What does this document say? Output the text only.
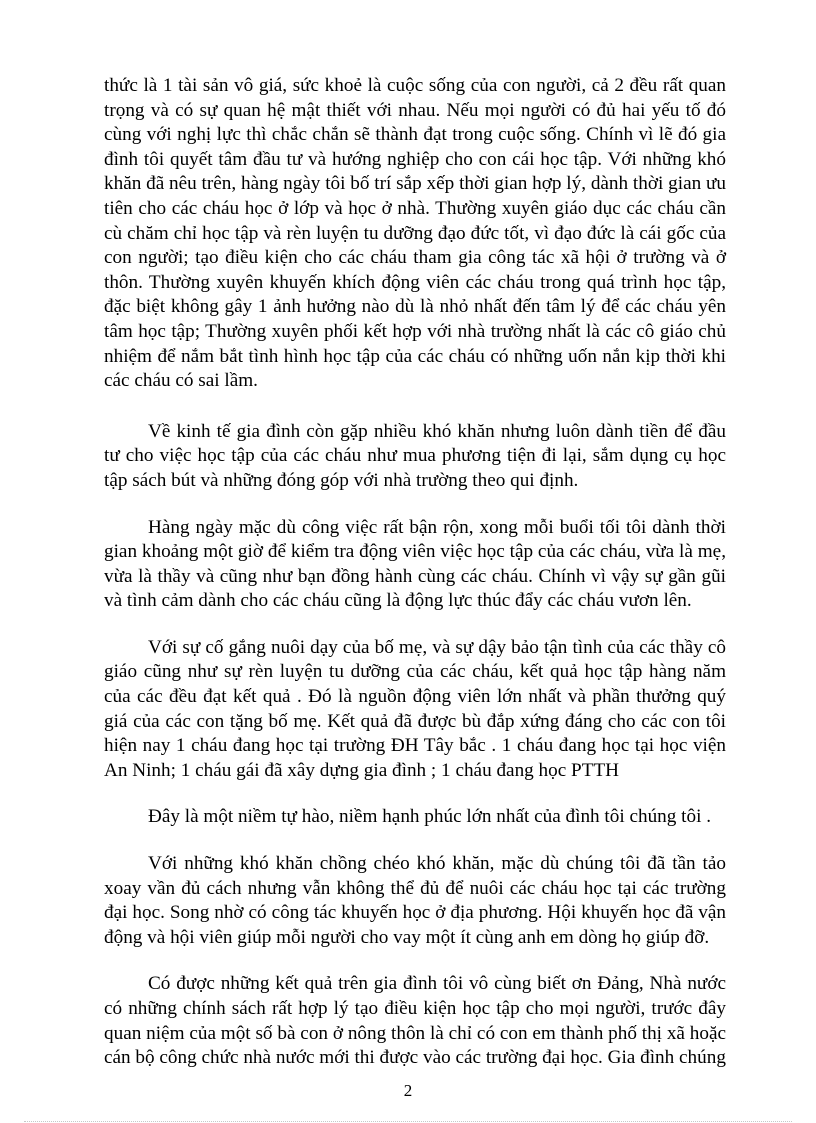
thức là 1 tài sản vô giá, sức khoẻ là cuộc sống của con người, cả 2 đều rất quan trọng và có sự quan hệ mật thiết với nhau. Nếu mọi người có đủ hai yếu tố đó cùng với nghị lực thì chắc chắn sẽ thành đạt trong cuộc sống. Chính vì lẽ đó gia đình tôi quyết tâm đầu tư và hướng nghiệp cho con cái học tập. Với những khó khăn đã nêu trên, hàng ngày tôi bố trí sắp xếp thời gian hợp lý, dành thời gian ưu tiên cho các cháu học ở lớp và học ở nhà. Thường xuyên giáo dục các cháu cần cù chăm chỉ học tập và rèn luyện tu dưỡng đạo đức tốt, vì đạo đức là cái gốc của con người; tạo điều kiện cho các cháu tham gia công tác xã hội ở trường và ở thôn. Thường xuyên khuyến khích động viên các cháu trong quá trình học tập, đặc biệt không gây 1 ảnh hưởng nào dù là nhỏ nhất đến tâm lý để các cháu yên tâm học tập; Thường xuyên phối kết hợp với nhà trường nhất là các cô giáo chủ nhiệm để nắm bắt tình hình học tập của các cháu có những uốn nắn kịp thời khi các cháu có sai lầm.

Về kinh tế gia đình còn gặp nhiều khó khăn nhưng luôn dành tiền để đầu tư cho việc học tập của các cháu như mua phương tiện đi lại, sắm dụng cụ học tập sách bút và những đóng góp với nhà trường theo qui định.

Hàng ngày mặc dù công việc rất bận rộn, xong mỗi buổi tối tôi dành thời gian khoảng một giờ để kiểm tra động viên việc học tập của các cháu, vừa là mẹ, vừa là thầy và cũng như bạn đồng hành cùng các cháu. Chính vì vậy sự gần gũi và tình cảm dành cho các cháu cũng là động lực thúc đẩy các cháu vươn lên.

Với sự cố gắng nuôi dạy của bố mẹ, và sự dậy bảo tận tình của các thầy cô giáo cũng như sự rèn luyện tu dưỡng của các cháu, kết quả học tập hàng năm của các đều đạt kết quả . Đó là nguồn động viên lớn nhất và phần thưởng quý giá của các con tặng bố mẹ. Kết quả đã được bù đắp xứng đáng cho các con tôi hiện nay 1 cháu đang học tại trường ĐH Tây bắc . 1 cháu đang học tại học viện An Ninh; 1 cháu gái đã xây dựng gia đình ; 1 cháu đang học PTTH

Đây là một niềm tự hào, niềm hạnh phúc lớn nhất của đình tôi chúng tôi .

Với những khó khăn chồng chéo khó khăn, mặc dù chúng tôi đã tần tảo xoay vần đủ cách nhưng vẫn không thể đủ để nuôi các cháu học tại các trường đại học. Song nhờ có công tác khuyến học ở địa phương. Hội khuyến học đã vận động và hội viên giúp mỗi người cho vay một ít cùng anh em dòng họ giúp đỡ.

Có được những kết quả trên gia đình tôi vô cùng biết ơn Đảng, Nhà nước có những chính sách rất hợp lý tạo điều kiện học tập cho mọi người, trước đây quan niệm của một số bà con ở nông thôn là chỉ có con em thành phố thị xã hoặc cán bộ công chức nhà nước mới thi được vào các trường đại học. Gia đình chúng

2
